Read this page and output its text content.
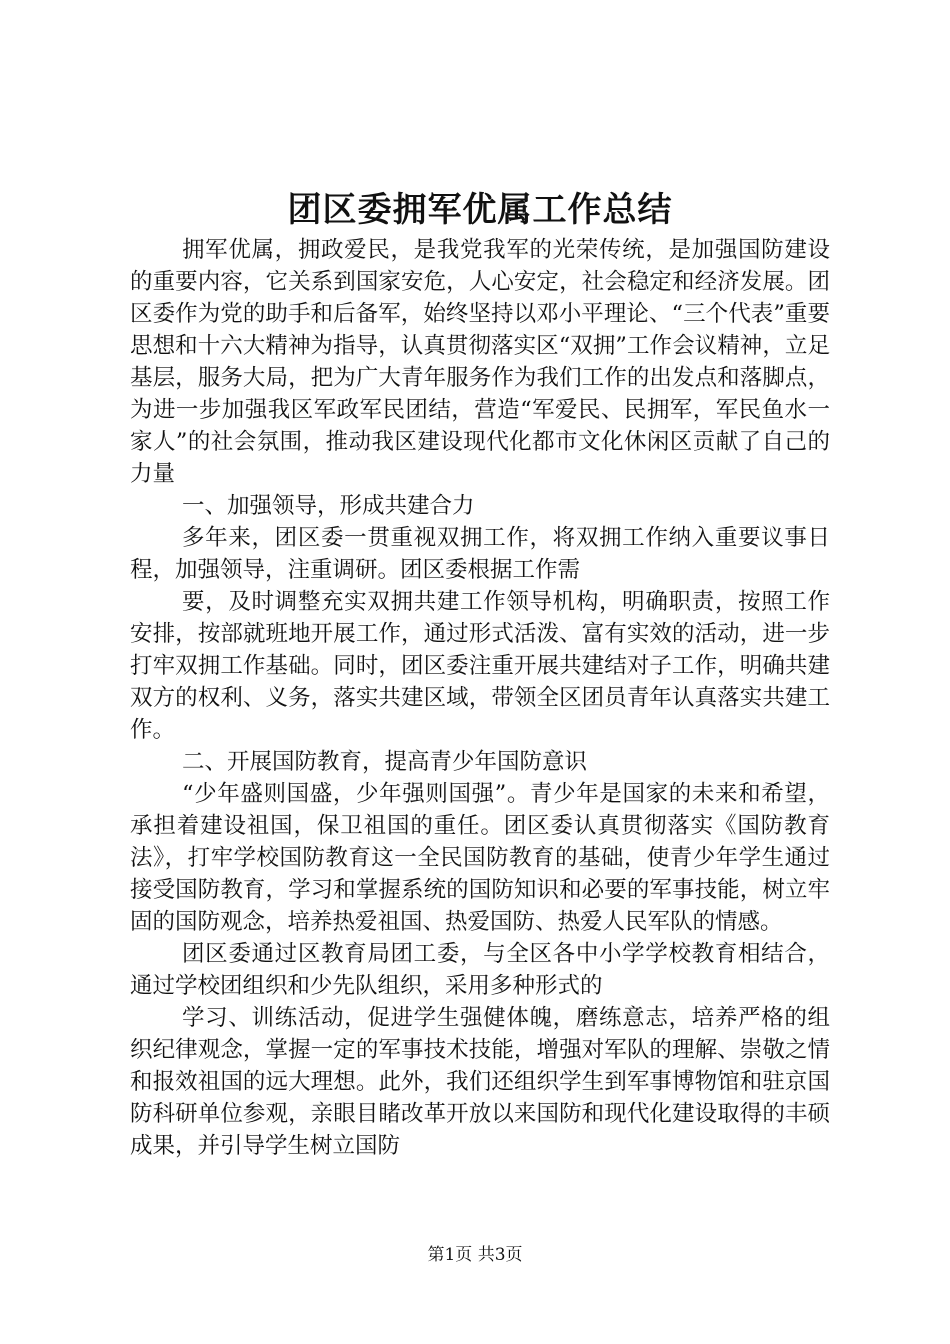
团区委拥军优属工作总结

拥军优属，拥政爱民，是我党我军的光荣传统，是加强国防建设的重要内容，它关系到国家安危，人心安定，社会稳定和经济发展。团区委作为党的助手和后备军，始终坚持以邓小平理论、“三个代表”重要思想和十六大精神为指导，认真贯彻落实区“双拥”工作会议精神，立足基层，服务大局，把为广大青年服务作为我们工作的出发点和落脚点，为进一步加强我区军政军民团结，营造“军爱民、民拥军，军民鱼水一家人”的社会氛围，推动我区建设现代化都市文化休闲区贡献了自己的力量

一、加强领导，形成共建合力

多年来，团区委一贯重视双拥工作，将双拥工作纳入重要议事日程，加强领导，注重调研。团区委根据工作需

要，及时调整充实双拥共建工作领导机构，明确职责，按照工作安排，按部就班地开展工作，通过形式活泼、富有实效的活动，进一步打牢双拥工作基础。同时，团区委注重开展共建结对子工作，明确共建双方的权利、义务，落实共建区域，带领全区团员青年认真落实共建工作。

二、开展国防教育，提高青少年国防意识

“少年盛则国盛，少年强则国强”。青少年是国家的未来和希望，承担着建设祖国，保卫祖国的重任。团区委认真贯彻落实《国防教育法》，打牢学校国防教育这一全民国防教育的基础，使青少年学生通过接受国防教育，学习和掌握系统的国防知识和必要的军事技能，树立牢固的国防观念，培养热爱祖国、热爱国防、热爱人民军队的情感。

团区委通过区教育局团工委，与全区各中小学学校教育相结合，通过学校团组织和少先队组织，采用多种形式的

学习、训练活动，促进学生强健体魄，磨练意志，培养严格的组织纪律观念，掌握一定的军事技术技能，增强对军队的理解、崇敬之情和报效祖国的远大理想。此外，我们还组织学生到军事博物馆和驻京国防科研单位参观，亲眼目睹改革开放以来国防和现代化建设取得的丰硕成果，并引导学生树立国防

第1页 共3页
